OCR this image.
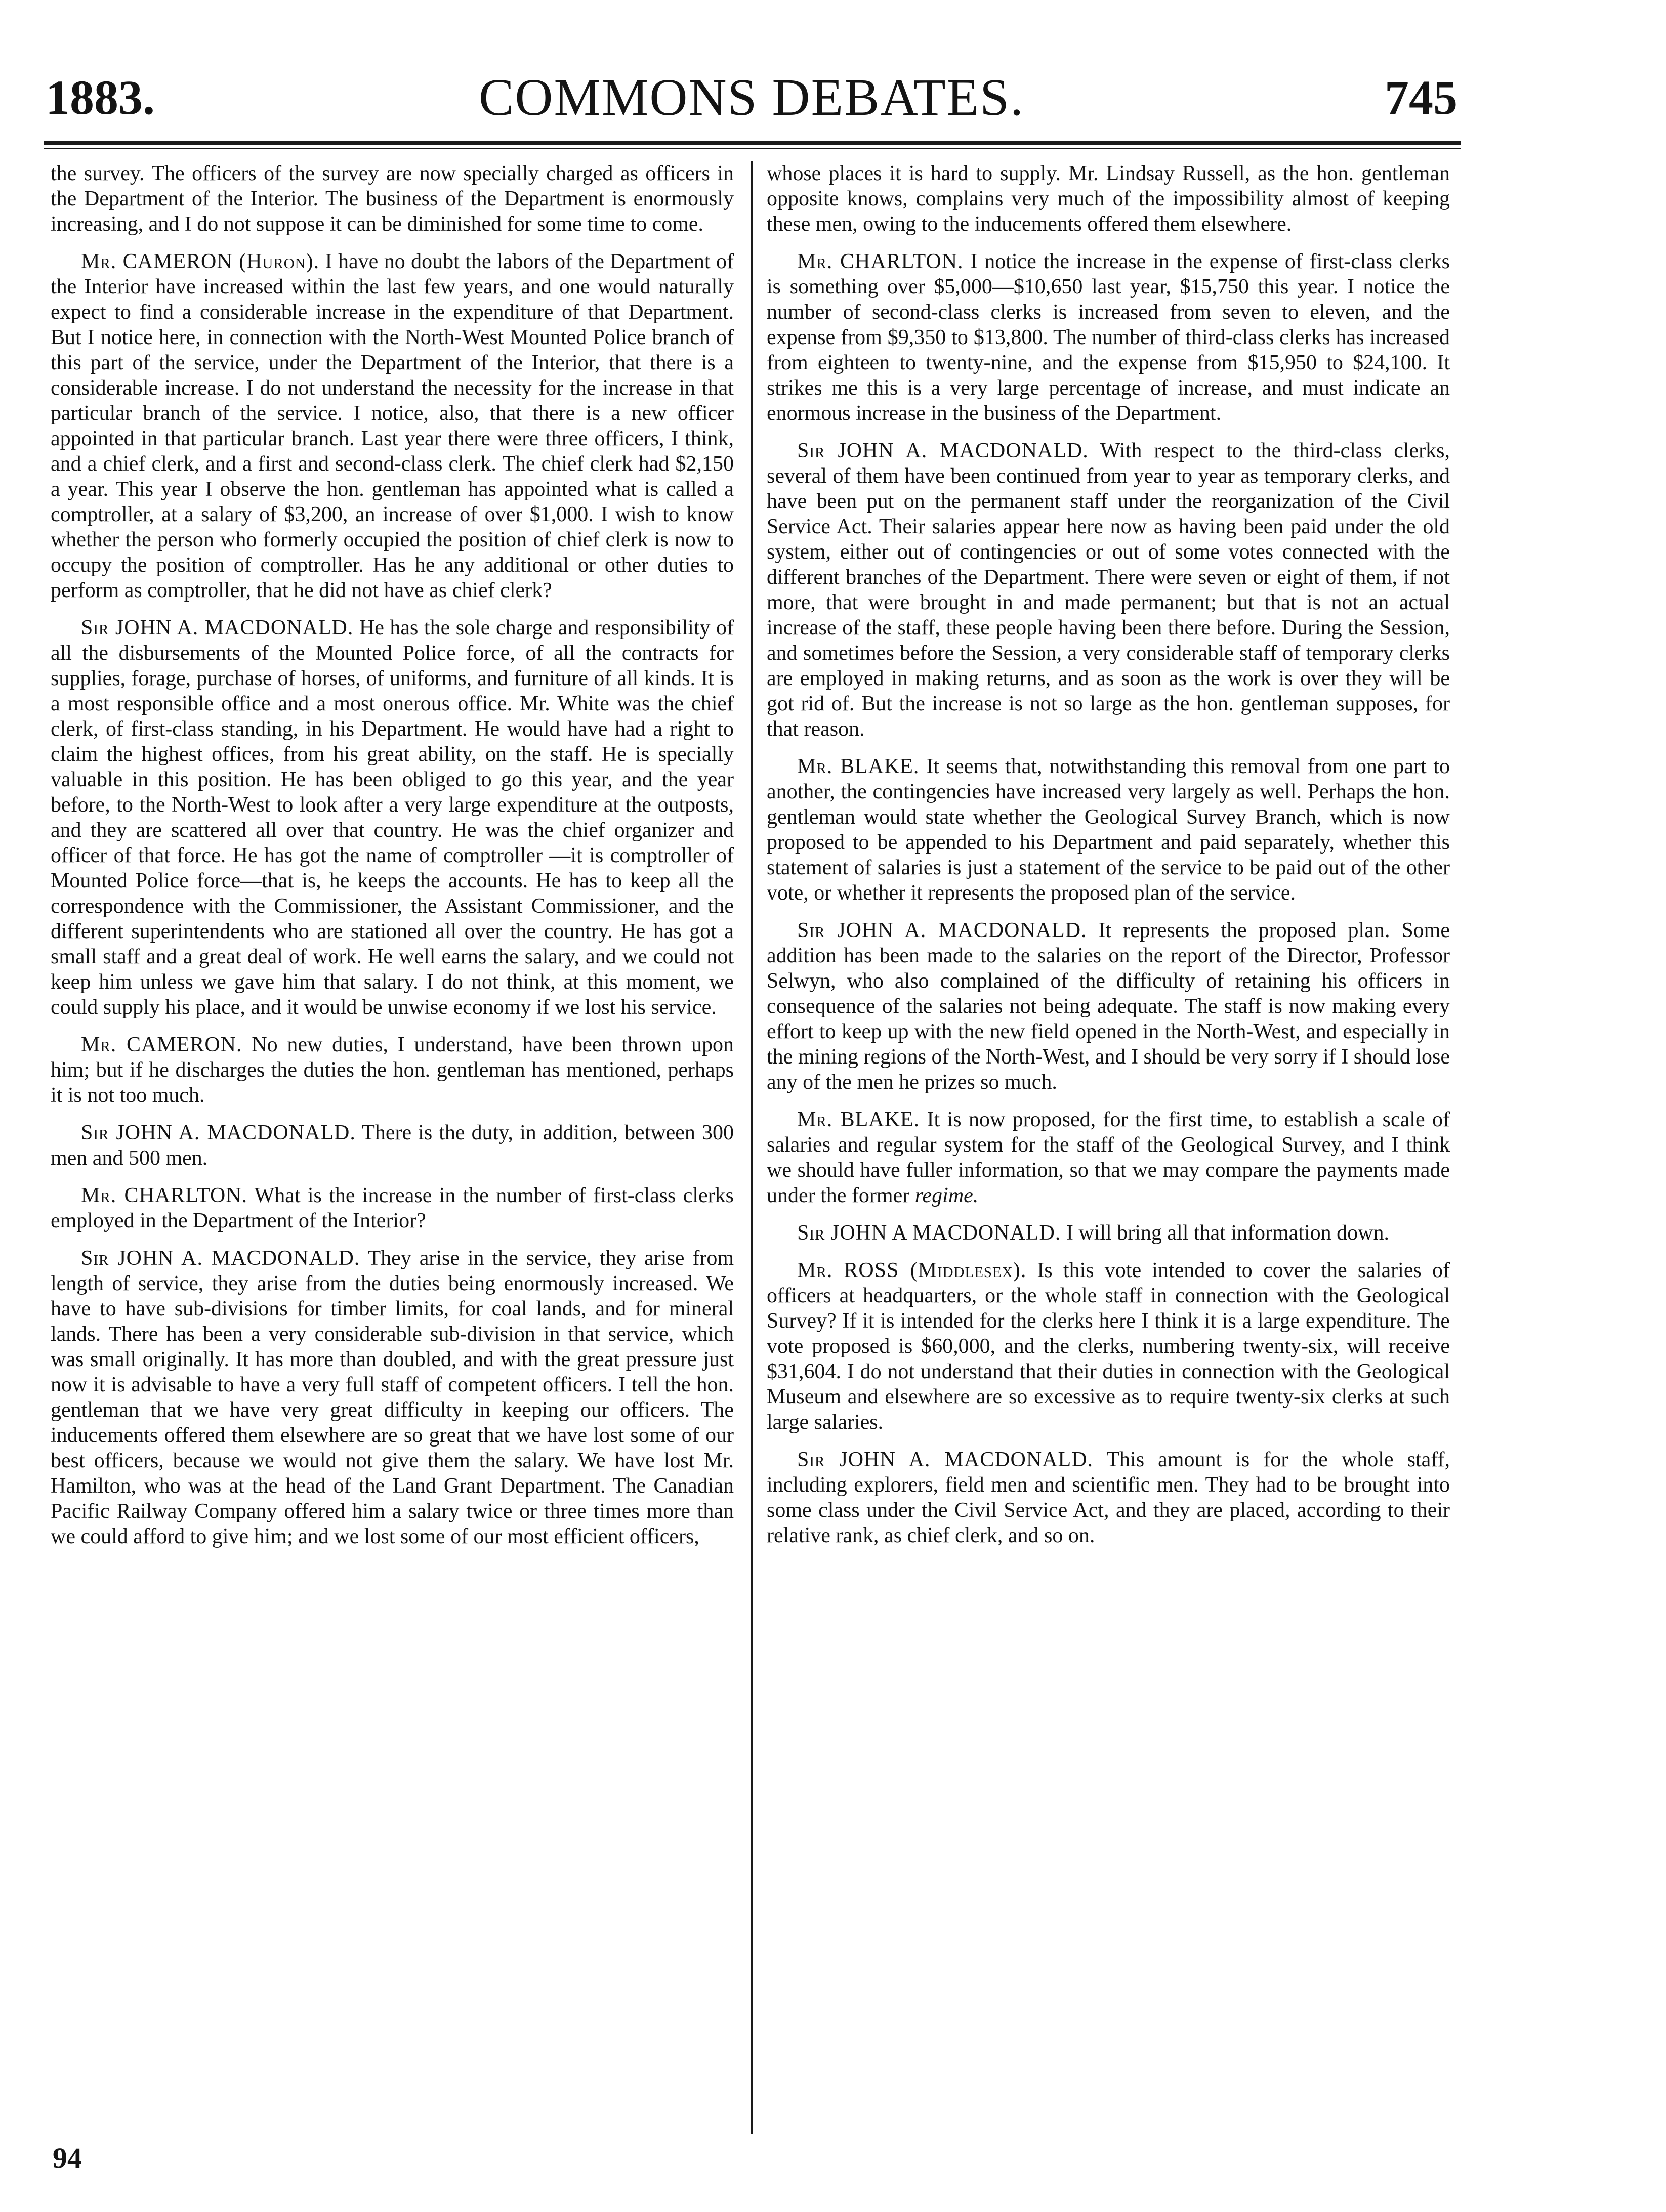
COMMONS DEBATES.
1883.	745

the survey. The officers of the survey are now specially charged as officers in the Department of the Interior. The business of the Department is enormously increasing, and I do not suppose it can be diminished for some time to come.

Mr. CAMERON (Huron). I have no doubt the labors of the Department of the Interior have increased within the last few years, and one would naturally expect to find a considerable increase in the expenditure of that Department. But I notice here, in connection with the North-West Mounted Police branch of this part of the service, under the Department of the Interior, that there is a considerable increase. I do not understand the necessity for the increase in that particular branch of the service. I notice, also, that there is a new officer appointed in that particular branch. Last year there were three officers, I think, and a chief clerk, and a first and second-class clerk. The chief clerk had $2,150 a year. This year I observe the hon. gentleman has appointed what is called a comptroller, at a salary of $3,200, an increase of over $1,000. I wish to know whether the person who formerly occupied the position of chief clerk is now to occupy the position of comptroller. Has he any additional or other duties to perform as comptroller, that he did not have as chief clerk?

Sir JOHN A. MACDONALD. He has the sole charge and responsibility of all the disbursements of the Mounted Police force, of all the contracts for supplies, forage, purchase of horses, of uniforms, and furniture of all kinds. It is a most responsible office and a most onerous office. Mr. White was the chief clerk, of first-class standing, in his Department. He would have had a right to claim the highest offices, from his great ability, on the staff. He is specially valuable in this position. He has been obliged to go this year, and the year before, to the North-West to look after a very large expenditure at the outposts, and they are scattered all over that country. He was the chief organizer and officer of that force. He has got the name of comptroller —it is comptroller of Mounted Police force—that is, he keeps the accounts. He has to keep all the correspondence with the Commissioner, the Assistant Commissioner, and the different superintendents who are stationed all over the country. He has got a small staff and a great deal of work. He well earns the salary, and we could not keep him unless we gave him that salary. I do not think, at this moment, we could supply his place, and it would be unwise economy if we lost his service.

Mr. CAMERON. No new duties, I understand, have been thrown upon him; but if he discharges the duties the hon. gentleman has mentioned, perhaps it is not too much.

Sir JOHN A. MACDONALD. There is the duty, in addition, between 300 men and 500 men.

Mr. CHARLTON. What is the increase in the number of first-class clerks employed in the Department of the Interior?

Sir JOHN A. MACDONALD. They arise in the service, they arise from length of service, they arise from the duties being enormously increased. We have to have sub-divisions for timber limits, for coal lands, and for mineral lands. There has been a very considerable sub-division in that service, which was small originally. It has more than doubled, and with the great pressure just now it is advisable to have a very full staff of competent officers. I tell the hon. gentleman that we have very great difficulty in keeping our officers. The inducements offered them elsewhere are so great that we have lost some of our best officers, because we would not give them the salary. We have lost Mr. Hamilton, who was at the head of the Land Grant Department. The Canadian Pacific Railway Company offered him a salary twice or three times more than we could afford to give him; and we lost some of our most efficient officers,

whose places it is hard to supply. Mr. Lindsay Russell, as the hon. gentleman opposite knows, complains very much of the impossibility almost of keeping these men, owing to the inducements offered them elsewhere.

Mr. CHARLTON. I notice the increase in the expense of first-class clerks is something over $5,000—$10,650 last year, $15,750 this year. I notice the number of second-class clerks is increased from seven to eleven, and the expense from $9,350 to $13,800. The number of third-class clerks has increased from eighteen to twenty-nine, and the expense from $15,950 to $24,100. It strikes me this is a very large percentage of increase, and must indicate an enormous increase in the business of the Department.

Sir JOHN A. MACDONALD. With respect to the third-class clerks, several of them have been continued from year to year as temporary clerks, and have been put on the permanent staff under the reorganization of the Civil Service Act. Their salaries appear here now as having been paid under the old system, either out of contingencies or out of some votes connected with the different branches of the Department. There were seven or eight of them, if not more, that were brought in and made permanent; but that is not an actual increase of the staff, these people having been there before. During the Session, and sometimes before the Session, a very considerable staff of temporary clerks are employed in making returns, and as soon as the work is over they will be got rid of. But the increase is not so large as the hon. gentleman supposes, for that reason.

Mr. BLAKE. It seems that, notwithstanding this removal from one part to another, the contingencies have increased very largely as well. Perhaps the hon. gentleman would state whether the Geological Survey Branch, which is now proposed to be appended to his Department and paid separately, whether this statement of salaries is just a statement of the service to be paid out of the other vote, or whether it represents the proposed plan of the service.

Sir JOHN A. MACDONALD. It represents the proposed plan. Some addition has been made to the salaries on the report of the Director, Professor Selwyn, who also complained of the difficulty of retaining his officers in consequence of the salaries not being adequate. The staff is now making every effort to keep up with the new field opened in the North-West, and especially in the mining regions of the North-West, and I should be very sorry if I should lose any of the men he prizes so much.

Mr. BLAKE. It is now proposed, for the first time, to establish a scale of salaries and regular system for the staff of the Geological Survey, and I think we should have fuller information, so that we may compare the payments made under the former regime.

Sir JOHN A MACDONALD. I will bring all that information down.

Mr. ROSS (Middlesex). Is this vote intended to cover the salaries of officers at headquarters, or the whole staff in connection with the Geological Survey? If it is intended for the clerks here I think it is a large expenditure. The vote proposed is $60,000, and the clerks, numbering twenty-six, will receive $31,604. I do not understand that their duties in connection with the Geological Museum and elsewhere are so excessive as to require twenty-six clerks at such large salaries.

Sir JOHN A. MACDONALD. This amount is for the whole staff, including explorers, field men and scientific men. They had to be brought into some class under the Civil Service Act, and they are placed, according to their relative rank, as chief clerk, and so on.

94
